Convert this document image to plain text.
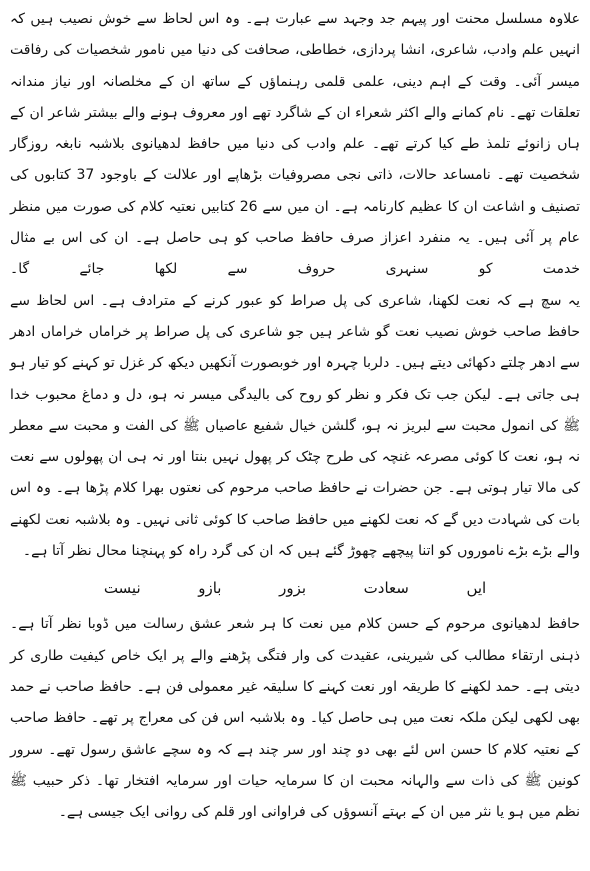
علاوہ مسلسل محنت اور پیہم جد وجہد سے عبارت ہے۔ وہ اس لحاظ سے خوش نصیب ہیں کہ انہیں علم وادب، شاعری، انشا پردازی، خطاطی، صحافت کی دنیا میں نامور شخصیات کی رفاقت میسر آئی۔ وقت کے اہم دینی، علمی قلمی رہنماؤں کے ساتھ ان کے مخلصانہ اور نیاز مندانہ تعلقات تھے۔ نام کمانے والے اکثر شعراء ان کے شاگرد تھے اور معروف ہونے والے بیشتر شاعر ان کے ہاں زانوئے تلمذ طے کیا کرتے تھے۔ علم وادب کی دنیا میں حافظ لدھیانوی بلاشبہ نابغہ روزگار شخصیت تھے۔ نامساعد حالات، ذاتی نجی مصروفیات بڑھاپے اور علالت کے باوجود 37 کتابوں کی تصنیف و اشاعت ان کا عظیم کارنامہ ہے۔ ان میں سے 26 کتابیں نعتیہ کلام کی صورت میں منظر عام پر آئی ہیں۔ یہ منفرد اعزاز صرف حافظ صاحب کو ہی حاصل ہے۔ ان کی اس بے مثال خدمت کو سنہری حروف سے لکھا جائے گا۔

یہ سچ ہے کہ نعت لکھنا، شاعری کی پل صراط کو عبور کرنے کے مترادف ہے۔ اس لحاظ سے حافظ صاحب خوش نصیب نعت گو شاعر ہیں جو شاعری کی پل صراط پر خراماں خراماں ادھر سے ادھر چلتے دکھائی دیتے ہیں۔ دلربا چہرہ اور خوبصورت آنکھیں دیکھ کر غزل تو کہنے کو تیار ہو ہی جاتی ہے۔ لیکن جب تک فکر و نظر کو روح کی بالیدگی میسر نہ ہو، دل و دماغ محبوب خدا ﷺ کی انمول محبت سے لبریز نہ ہو، گلشن خیال شفیع عاصیاں ﷺ کی الفت و محبت سے معطر نہ ہو، نعت کا کوئی مصرعہ غنچہ کی طرح چٹک کر پھول نہیں بنتا اور نہ ہی ان پھولوں سے نعت کی مالا تیار ہوتی ہے۔ جن حضرات نے حافظ صاحب مرحوم کی نعتوں بھرا کلام پڑھا ہے۔ وہ اس بات کی شہادت دیں گے کہ نعت لکھنے میں حافظ صاحب کا کوئی ثانی نہیں۔ وہ بلاشبہ نعت لکھنے والے بڑے بڑے ناموروں کو اتنا پیچھے چھوڑ گئے ہیں کہ ان کی گرد راہ کو پہنچنا محال نظر آتا ہے۔

ایں
سعادت
بزور
بازو
نیست

حافظ لدھیانوی مرحوم کے حسن کلام میں نعت کا ہر شعر عشق رسالت میں ڈوبا نظر آتا ہے۔ ذہنی ارتقاء مطالب کی شیرینی، عقیدت کی وار فتگی پڑھنے والے پر ایک خاص کیفیت طاری کر دیتی ہے۔ حمد لکھنے کا طریقہ اور نعت کہنے کا سلیقہ غیر معمولی فن ہے۔ حافظ صاحب نے حمد بھی لکھی لیکن ملکہ نعت میں ہی حاصل کیا۔ وہ بلاشبہ اس فن کی معراج پر تھے۔ حافظ صاحب کے نعتیہ کلام کا حسن اس لئے بھی دو چند اور سر چند ہے کہ وہ سچے عاشق رسول تھے۔ سرور کونین ﷺ کی ذات سے والہانہ محبت ان کا سرمایہ حیات اور سرمایہ افتخار تھا۔ ذکر حبیب ﷺ نظم میں ہو یا نثر میں ان کے بہتے آنسوؤں کی فراوانی اور قلم کی روانی ایک جیسی ہے۔
